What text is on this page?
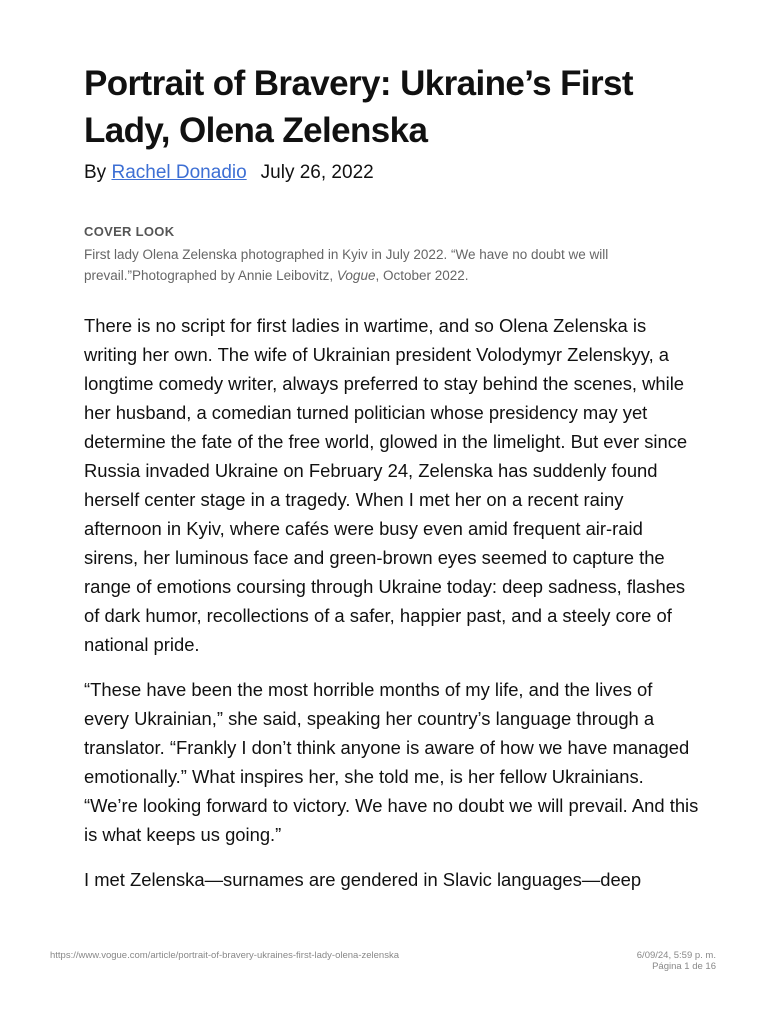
Portrait of Bravery: Ukraine’s First Lady, Olena Zelenska
By Rachel Donadio July 26, 2022
COVER LOOK
First lady Olena Zelenska photographed in Kyiv in July 2022. “We have no doubt we will prevail.”Photographed by Annie Leibovitz, Vogue, October 2022.

There is no script for first ladies in wartime, and so Olena Zelenska is writing her own. The wife of Ukrainian president Volodymyr Zelenskyy, a longtime comedy writer, always preferred to stay behind the scenes, while her husband, a comedian turned politician whose presidency may yet determine the fate of the free world, glowed in the limelight. But ever since Russia invaded Ukraine on February 24, Zelenska has suddenly found herself center stage in a tragedy. When I met her on a recent rainy afternoon in Kyiv, where cafés were busy even amid frequent air-raid sirens, her luminous face and green-brown eyes seemed to capture the range of emotions coursing through Ukraine today: deep sadness, flashes of dark humor, recollections of a safer, happier past, and a steely core of national pride.

“These have been the most horrible months of my life, and the lives of every Ukrainian,” she said, speaking her country’s language through a translator. “Frankly I don’t think anyone is aware of how we have managed emotionally.” What inspires her, she told me, is her fellow Ukrainians. “We’re looking forward to victory. We have no doubt we will prevail. And this is what keeps us going.”

I met Zelenska—surnames are gendered in Slavic languages—deep

https://www.vogue.com/article/portrait-of-bravery-ukraines-first-lady-olena-zelenska	6/09/24, 5:59 p. m.
Página 1 de 16
